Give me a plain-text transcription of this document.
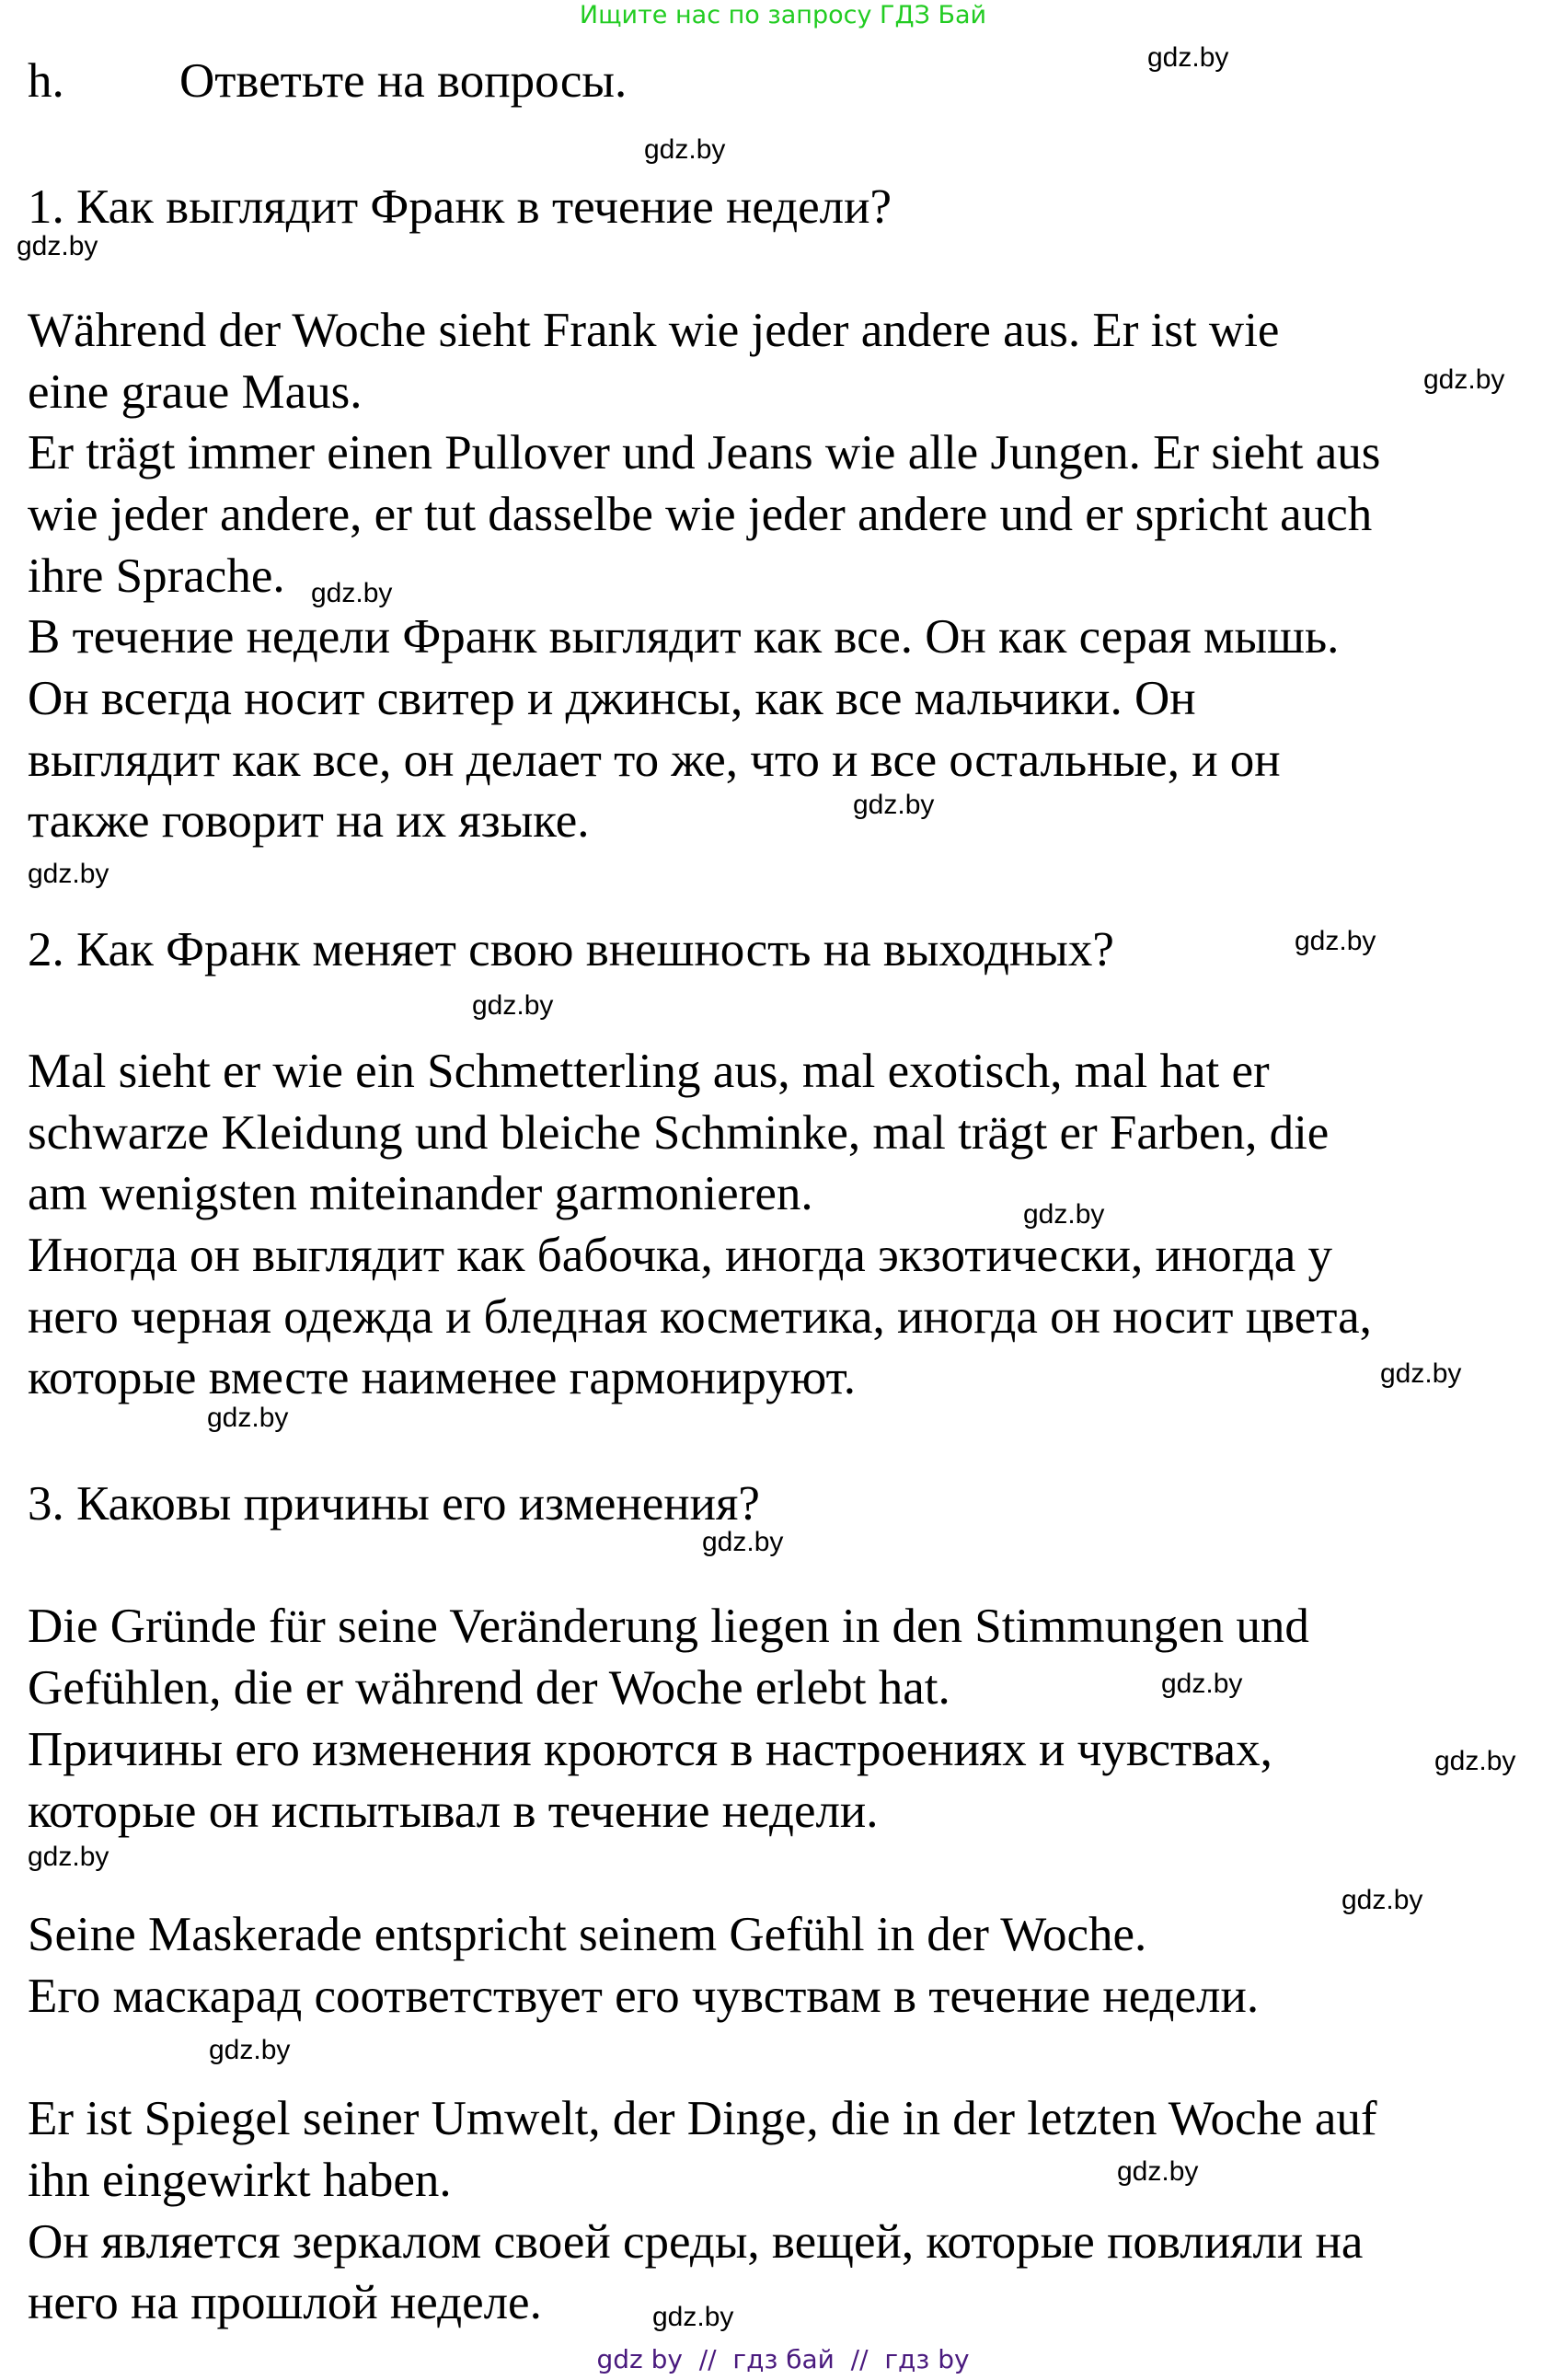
Ищите нас по запросу ГДЗ Бай
h. Ответьте на вопросы.
1. Как выглядит Франк в течение недели?
Während der Woche sieht Frank wie jeder andere aus. Er ist wie
eine graue Maus.
Er trägt immer einen Pullover und Jeans wie alle Jungen. Er sieht aus
wie jeder andere, er tut dasselbe wie jeder andere und er spricht auch
ihre Sprache.
В течение недели Франк выглядит как все. Он как серая мышь.
Он всегда носит свитер и джинсы, как все мальчики. Он
выглядит как все, он делает то же, что и все остальные, и он
также говорит на их языке.
2. Как Франк меняет свою внешность на выходных?
Mal sieht er wie ein Schmetterling aus, mal exotisch, mal hat er
schwarze Kleidung und bleiche Schminke, mal trägt er Farben, die
am wenigsten miteinander garmonieren.
Иногда он выглядит как бабочка, иногда экзотически, иногда у
него черная одежда и бледная косметика, иногда он носит цвета,
которые вместе наименее гармонируют.
3. Каковы причины его изменения?
Die Gründe für seine Veränderung liegen in den Stimmungen und
Gefühlen, die er während der Woche erlebt hat.
Причины его изменения кроются в настроениях и чувствах,
которые он испытывал в течение недели.
Seine Maskerade entspricht seinem Gefühl in der Woche.
Его маскарад соответствует его чувствам в течение недели.
Er ist Spiegel seiner Umwelt, der Dinge, die in der letzten Woche auf
ihn eingewirkt haben.
Он является зеркалом своей среды, вещей, которые повлияли на
него на прошлой неделе.
gdz.by
gdz.by
gdz.by
gdz.by
gdz.by
gdz.by
gdz.by
gdz.by
gdz.by
gdz.by
gdz.by
gdz.by
gdz.by
gdz.by
gdz.by
gdz.by
gdz.by
gdz.by
gdz.by
gdz.by
gdz by  //  гдз бай  //  гдз by
